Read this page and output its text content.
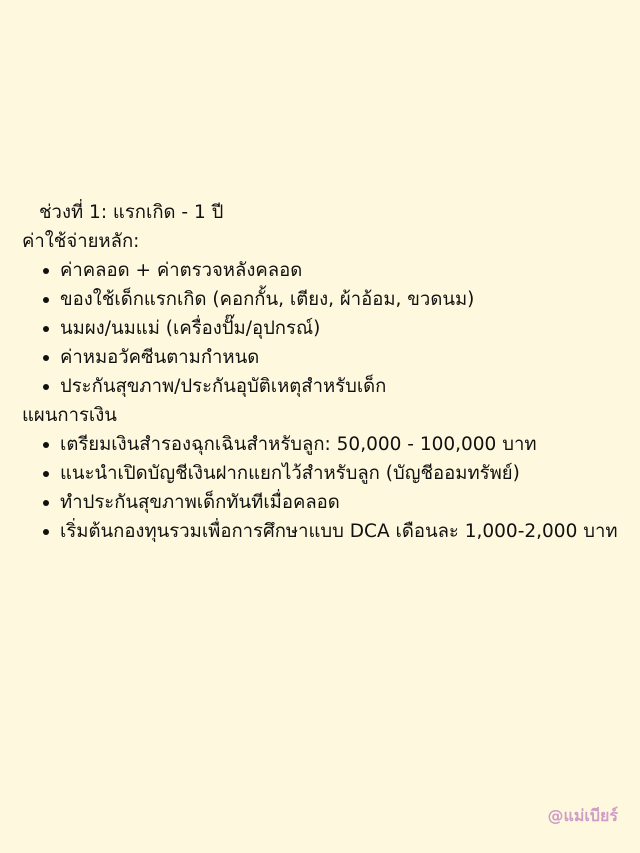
ช่วงที่ 1: แรกเกิด - 1 ปี

ค่าใช้จ่ายหลัก:

ค่าคลอด + ค่าตรวจหลังคลอด
ของใช้เด็กแรกเกิด (คอกกั้น, เตียง, ผ้าอ้อม, ขวดนม)
นมผง/นมแม่ (เครื่องปั๊ม/อุปกรณ์)
ค่าหมอวัคซีนตามกำหนด
ประกันสุขภาพ/ประกันอุบัติเหตุสำหรับเด็ก

แผนการเงิน

เตรียมเงินสำรองฉุกเฉินสำหรับลูก: 50,000 - 100,000 บาท
แนะนำเปิดบัญชีเงินฝากแยกไว้สำหรับลูก (บัญชีออมทรัพย์)
ทำประกันสุขภาพเด็กทันทีเมื่อคลอด
เริ่มต้นกองทุนรวมเพื่อการศึกษาแบบ DCA เดือนละ 1,000-2,000 บาท
@แม่เบียร์
